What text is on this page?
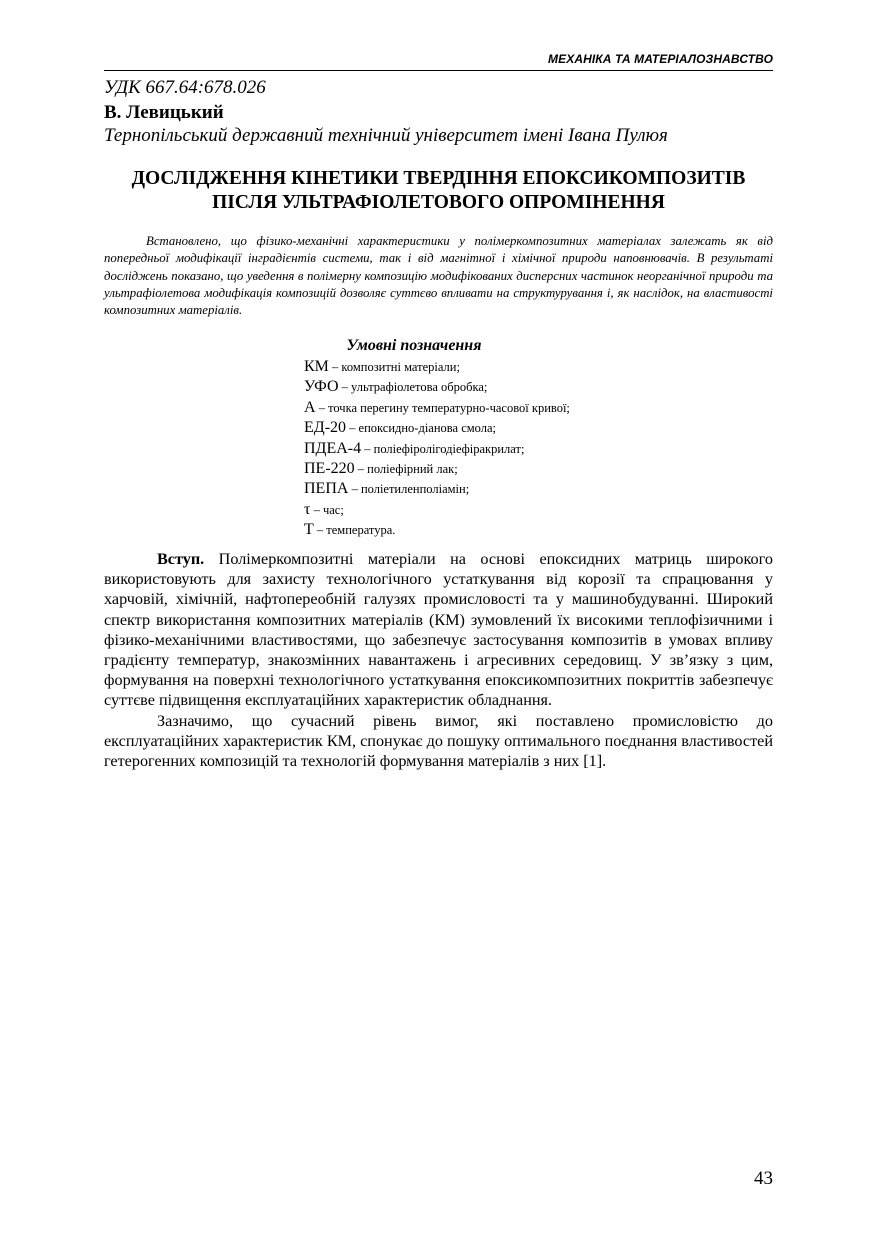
МЕХАНІКА ТА МАТЕРІАЛОЗНАВСТВО
УДК 667.64:678.026
В. Левицький
Тернопільський державний технічний університет імені Івана Пулюя
ДОСЛІДЖЕННЯ КІНЕТИКИ ТВЕРДІННЯ ЕПОКСИКОМПОЗИТІВ
ПІСЛЯ УЛЬТРАФІОЛЕТОВОГО ОПРОМІНЕННЯ

Встановлено, що фізико-механічні характеристики у полімеркомпозитних матеріалах залежать як від попередньої модифікації інградієнтів системи, так і від магнітної і хімічної природи наповнювачів. В результаті досліджень показано, що уведення в полімерну композицію модифікованих дисперсних частинок неорганічної природи та ультрафіолетова модифікація композицій дозволяє суттєво впливати на структурування і, як наслідок, на властивості композитних матеріалів.

Умовні позначення
КМ – композитні матеріали;
УФО – ультрафіолетова обробка;
А – точка перегину температурно-часової кривої;
ЕД-20 – епоксидно-діанова смола;
ПДЕА-4 – поліефіролігодіефіракрилат;
ПЕ-220 – поліефірний лак;
ПЕПА – поліетиленполіамін;
τ – час;
Т – температура.

Вступ. Полімеркомпозитні матеріали на основі епоксидних матриць широкого використовують для захисту технологічного устаткування від корозії та спрацювання у харчовій, хімічній, нафтопереобній галузях промисловості та у машинобудуванні. Широкий спектр використання композитних матеріалів (КМ) зумовлений їх високими теплофізичними і фізико-механічними властивостями, що забезпечує застосування композитів в умовах впливу градієнту температур, знакозмінних навантажень і агресивних середовищ. У зв’язку з цим, формування на поверхні технологічного устаткування епоксикомпозитних покриттів забезпечує суттєве підвищення експлуатаційних характеристик обладнання.

Зазначимо, що сучасний рівень вимог, які поставлено промисловістю до експлуатаційних характеристик КМ, спонукає до пошуку оптимального поєднання властивостей гетерогенних композицій та технологій формування матеріалів з них [1].

43
